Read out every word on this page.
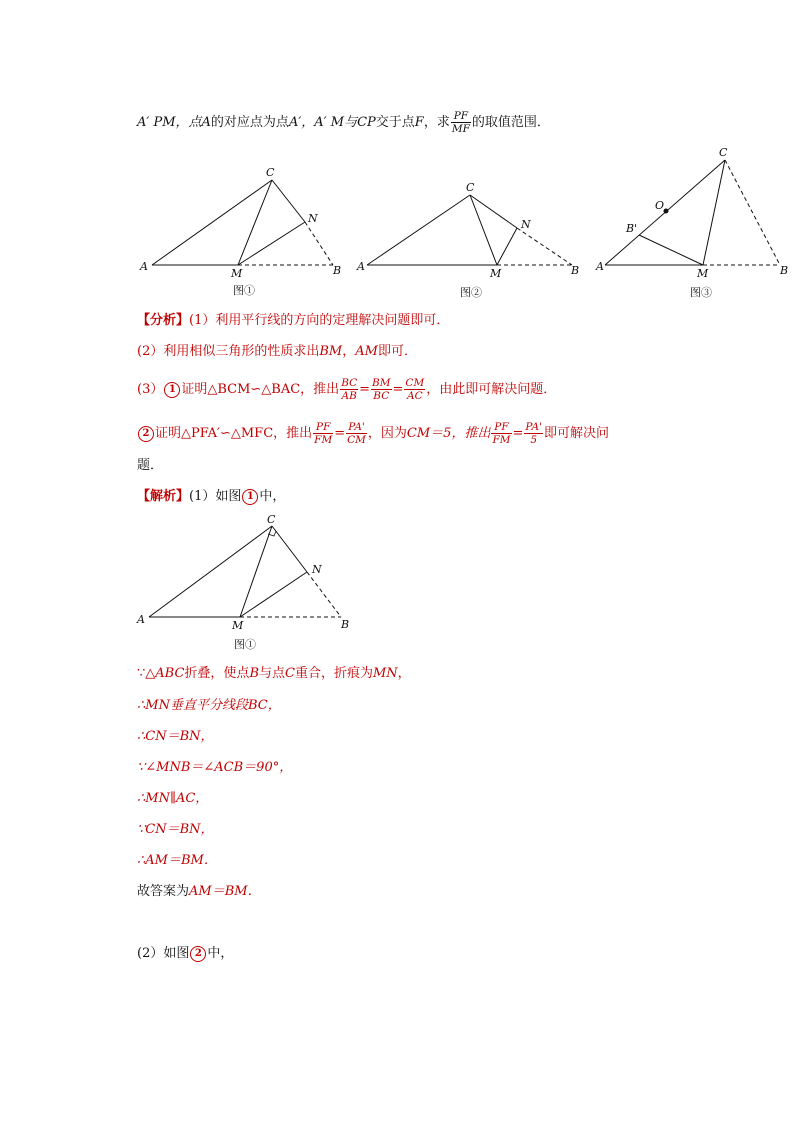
A′ PM，点A的对应点为点A′，A′ M与CP交于点F，求 $\frac{PF}{MF}$ 的取值范围．
A
C
N
M	B
图①
A
C
N
M	B
图②
A
C
O
B'
M	B
图③
【分析】(1）利用平行线的方向的定理解决问题即可．
(2）利用相似三角形的性质求出BM，AM即可．
(3） 1 证明△BCM∽△BAC，推出 $\frac{BC}{AB} = \frac{BM}{BC} = \frac{CM}{AC}$ ，由此即可解决问题．
2 证明△PFA′∽△MFC，推出 $\frac{PF}{FM} = \frac{PA'}{CM}$ ，因为CM＝5，推出 $\frac{PF}{FM} = \frac{PA'}{5}$ 即可解决问
题．
【解析】(1）如图 1 中，
A
C
N
M	B
图①
∵△ABC折叠，使点B与点C重合，折痕为MN，
∴MN垂直平分线段BC，
∴CN＝BN，
∵∠MNB＝∠ACB＝90°，
∴MN∥AC，
∵CN＝BN，
∴AM＝BM．
故答案为AM＝BM．
(2）如图 2 中，
